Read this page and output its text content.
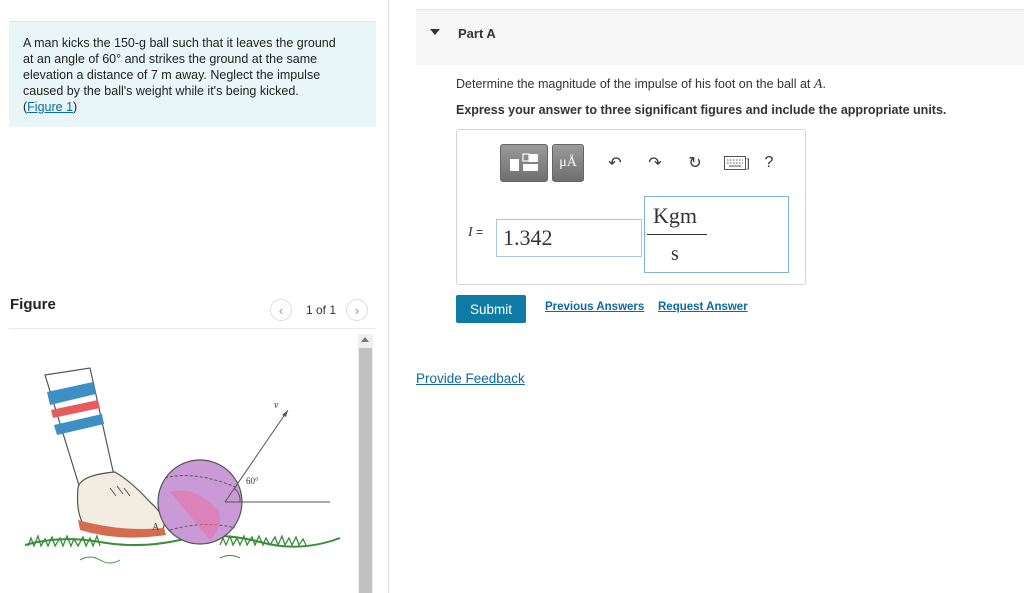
A man kicks the 150-g ball such that it leaves the ground
at an angle of 60° and strikes the ground at the same
elevation a distance of 7 m away. Neglect the impulse
caused by the ball's weight while it's being kicked.
(Figure 1)
Figure	‹ 1 of 1 ›
A
v
60°
Part A
Determine the magnitude of the impulse of his foot on the ball at A.
Express your answer to three significant figures and include the appropriate units.
μÅ ↶ ↷ ↻	] ?
I = 1.342
Kgm
s
Submit	Previous Answers Request Answer
Provide Feedback
